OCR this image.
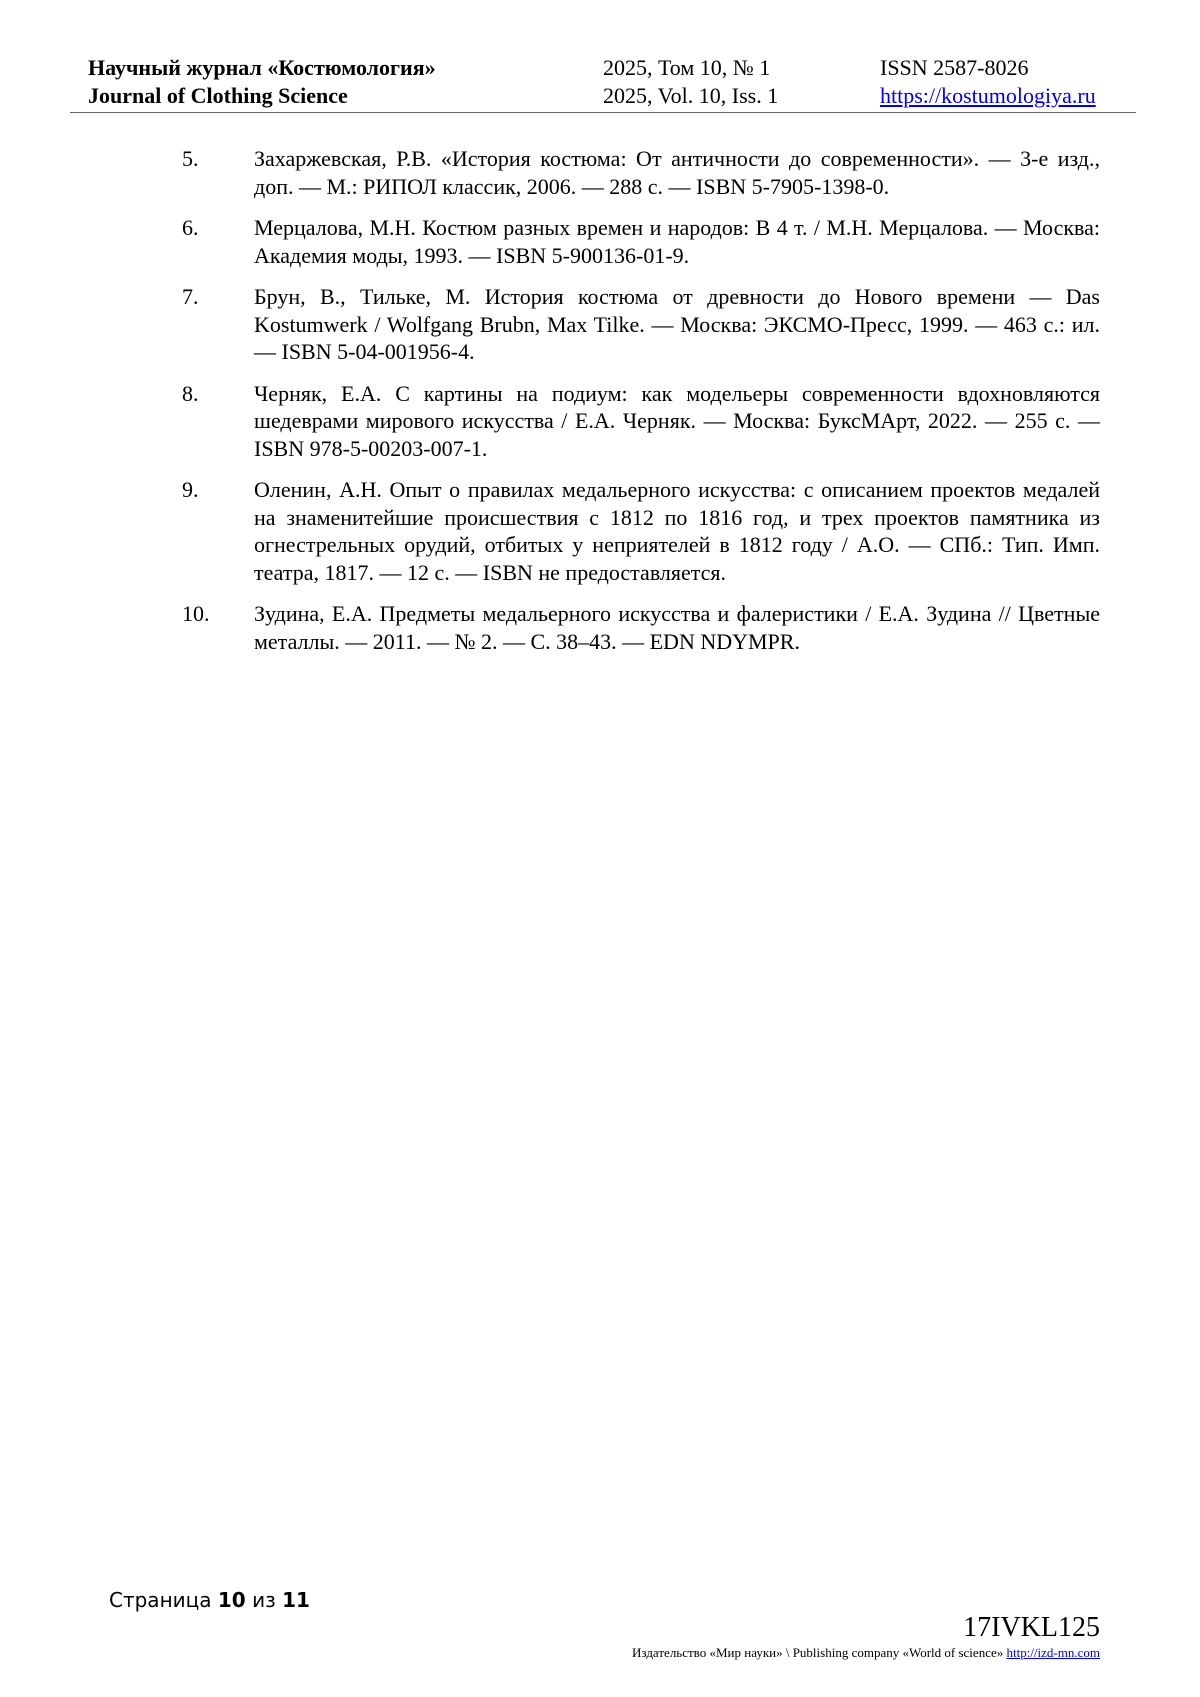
Научный журнал «Костюмология»
Journal of Clothing Science
2025, Том 10, № 1
2025, Vol. 10, Iss. 1
ISSN 2587-8026
https://kostumologiya.ru
5.	Захаржевская, Р.В. «История костюма: От античности до современности». — 3-е изд., доп. — М.: РИПОЛ классик, 2006. — 288 с. — ISBN 5-7905-1398-0.
6.	Мерцалова, М.Н. Костюм разных времен и народов: В 4 т. / М.Н. Мерцалова. — Москва: Академия моды, 1993. — ISBN 5-900136-01-9.
7.	Брун, В., Тильке, М. История костюма от древности до Нового времени — Das Kostumwerk / Wolfgang Brubn, Max Tilke. — Москва: ЭКСМО-Пресс, 1999. — 463 с.: ил. — ISBN 5-04-001956-4.
8.	Черняк, Е.А. С картины на подиум: как модельеры современности вдохновляются шедеврами мирового искусства / Е.А. Черняк. — Москва: БуксМАрт, 2022. — 255 с. — ISBN 978-5-00203-007-1.
9.	Оленин, А.Н. Опыт о правилах медальерного искусства: с описанием проектов медалей на знаменитейшие происшествия с 1812 по 1816 год, и трех проектов памятника из огнестрельных орудий, отбитых у неприятелей в 1812 году / А.О. — СПб.: Тип. Имп. театра, 1817. — 12 с. — ISBN не предоставляется.
10. Зудина, Е.А. Предметы медальерного искусства и фалеристики / Е.А. Зудина // Цветные металлы. — 2011. — № 2. — С. 38–43. — EDN NDYMPR.
Страница 10 из 11
17IVKL125
Издательство «Мир науки» \ Publishing company «World of science» http://izd-mn.com
